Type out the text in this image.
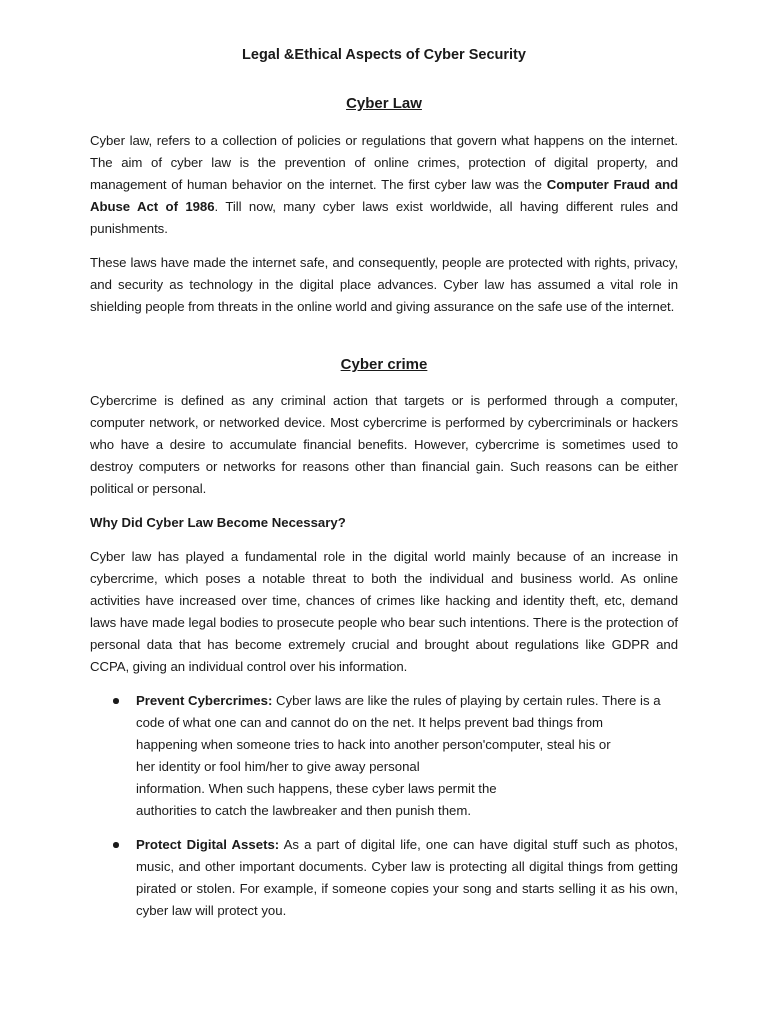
Legal &Ethical Aspects of Cyber Security
Cyber Law

Cyber law, refers to a collection of policies or regulations that govern what happens on the internet. The aim of cyber law is the prevention of online crimes, protection of digital property, and management of human behavior on the internet. The first cyber law was the Computer Fraud and Abuse Act of 1986. Till now, many cyber laws exist worldwide, all having different rules and punishments.

These laws have made the internet safe, and consequently, people are protected with rights, privacy, and security as technology in the digital place advances. Cyber law has assumed a vital role in shielding people from threats in the online world and giving assurance on the safe use of the internet.

Cyber crime

Cybercrime is defined as any criminal action that targets or is performed through a computer, computer network, or networked device. Most cybercrime is performed by cybercriminals or hackers who have a desire to accumulate financial benefits. However, cybercrime is sometimes used to destroy computers or networks for reasons other than financial gain. Such reasons can be either political or personal.

Why Did Cyber Law Become Necessary?

Cyber law has played a fundamental role in the digital world mainly because of an increase in cybercrime, which poses a notable threat to both the individual and business world. As online activities have increased over time, chances of crimes like hacking and identity theft, etc, demand laws have made legal bodies to prosecute people who bear such intentions. There is the protection of personal data that has become extremely crucial and brought about regulations like GDPR and CCPA, giving an individual control over his information.

Prevent Cybercrimes: Cyber laws are like the rules of playing by certain rules. There is a
code of what one can and cannot do on the net. It helps prevent bad things from
happening when someone tries to hack into another person'computer, steal his or
her identity or fool him/her to give away personal
information. When such happens, these cyber laws permit the
authorities to catch the lawbreaker and then punish them.

Protect Digital Assets: As a part of digital life, one can have digital stuff such as photos, music, and other important documents. Cyber law is protecting all digital things from getting pirated or stolen. For example, if someone copies your song and starts selling it as his own, cyber law will protect you.
